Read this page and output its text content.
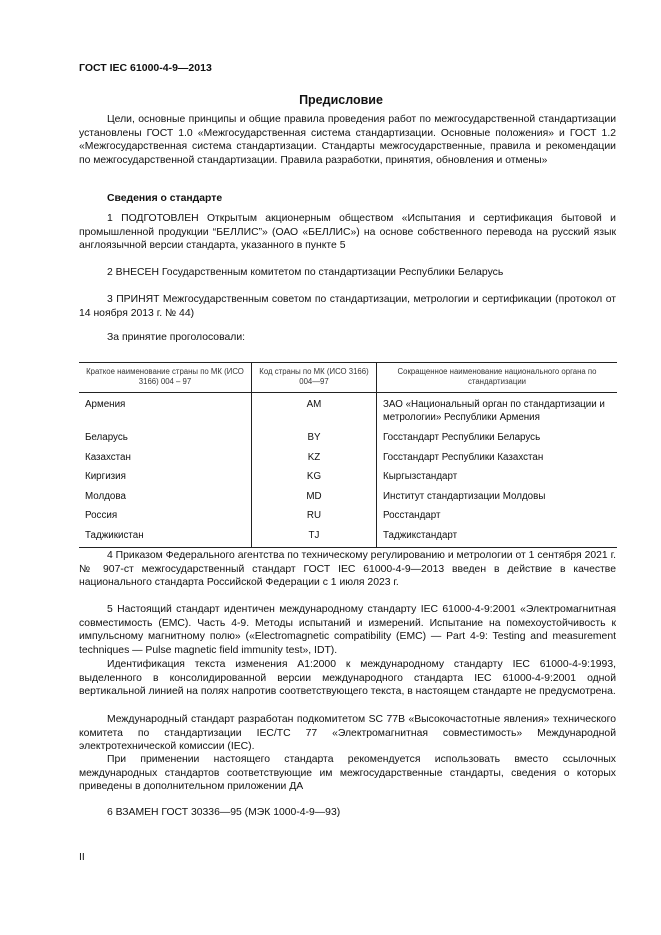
ГОСТ IEC 61000-4-9—2013
Предисловие
Цели, основные принципы и общие правила проведения работ по межгосударственной стандартизации установлены ГОСТ 1.0 «Межгосударственная система стандартизации. Основные положения» и ГОСТ 1.2 «Межгосударственная система стандартизации. Стандарты межгосударственные, правила и рекомендации по межгосударственной стандартизации. Правила разработки, принятия, обновления и отмены»
Сведения о стандарте
1 ПОДГОТОВЛЕН Открытым акционерным обществом «Испытания и сертификация бытовой и промышленной продукции “БЕЛЛИС”» (ОАО «БЕЛЛИС») на основе собственного перевода на русский язык англоязычной версии стандарта, указанного в пункте 5
2 ВНЕСЕН Государственным комитетом по стандартизации Республики Беларусь
3 ПРИНЯТ Межгосударственным советом по стандартизации, метрологии и сертификации (протокол от 14 ноября 2013 г. № 44)
За принятие проголосовали:
Краткое наименование страны по МК (ИСО 3166) 004 – 97	Код страны по МК (ИСО 3166) 004—97	Сокращенное наименование национального органа по стандартизации
Армения	AM	ЗАО «Национальный орган по стандартизации и метрологии» Республики Армения
Беларусь	BY	Госстандарт Республики Беларусь
Казахстан	KZ	Госстандарт Республики Казахстан
Киргизия	KG	Кыргызстандарт
Молдова	MD	Институт стандартизации Молдовы
Россия	RU	Росстандарт
Таджикистан	TJ	Таджикстандарт
4 Приказом Федерального агентства по техническому регулированию и метрологии от 1 сентября 2021 г. № 907-ст межгосударственный стандарт ГОСТ IEC 61000-4-9—2013 введен в действие в качестве национального стандарта Российской Федерации с 1 июля 2023 г.
5 Настоящий стандарт идентичен международному стандарту IEC 61000-4-9:2001 «Электромагнитная совместимость (ЕМС). Часть 4-9. Методы испытаний и измерений. Испытание на помехоустойчивость к импульсному магнитному полю» («Electromagnetic compatibility (ЕМС) — Part 4-9: Testing and measurement techniques — Pulse magnetic field immunity test», IDT).
Идентификация текста изменения A1:2000 к международному стандарту IEC 61000-4-9:1993, выделенного в консолидированной версии международного стандарта IEC 61000-4-9:2001 одной вертикальной линией на полях напротив соответствующего текста, в настоящем стандарте не предусмотрена.
Международный стандарт разработан подкомитетом SC 77В «Высокочастотные явления» технического комитета по стандартизации IEC/TC 77 «Электромагнитная совместимость» Международной электротехнической комиссии (IEC).
При применении настоящего стандарта рекомендуется использовать вместо ссылочных международных стандартов соответствующие им межгосударственные стандарты, сведения о которых приведены в дополнительном приложении ДА
6 ВЗАМЕН ГОСТ 30336—95 (МЭК 1000-4-9—93)
II
